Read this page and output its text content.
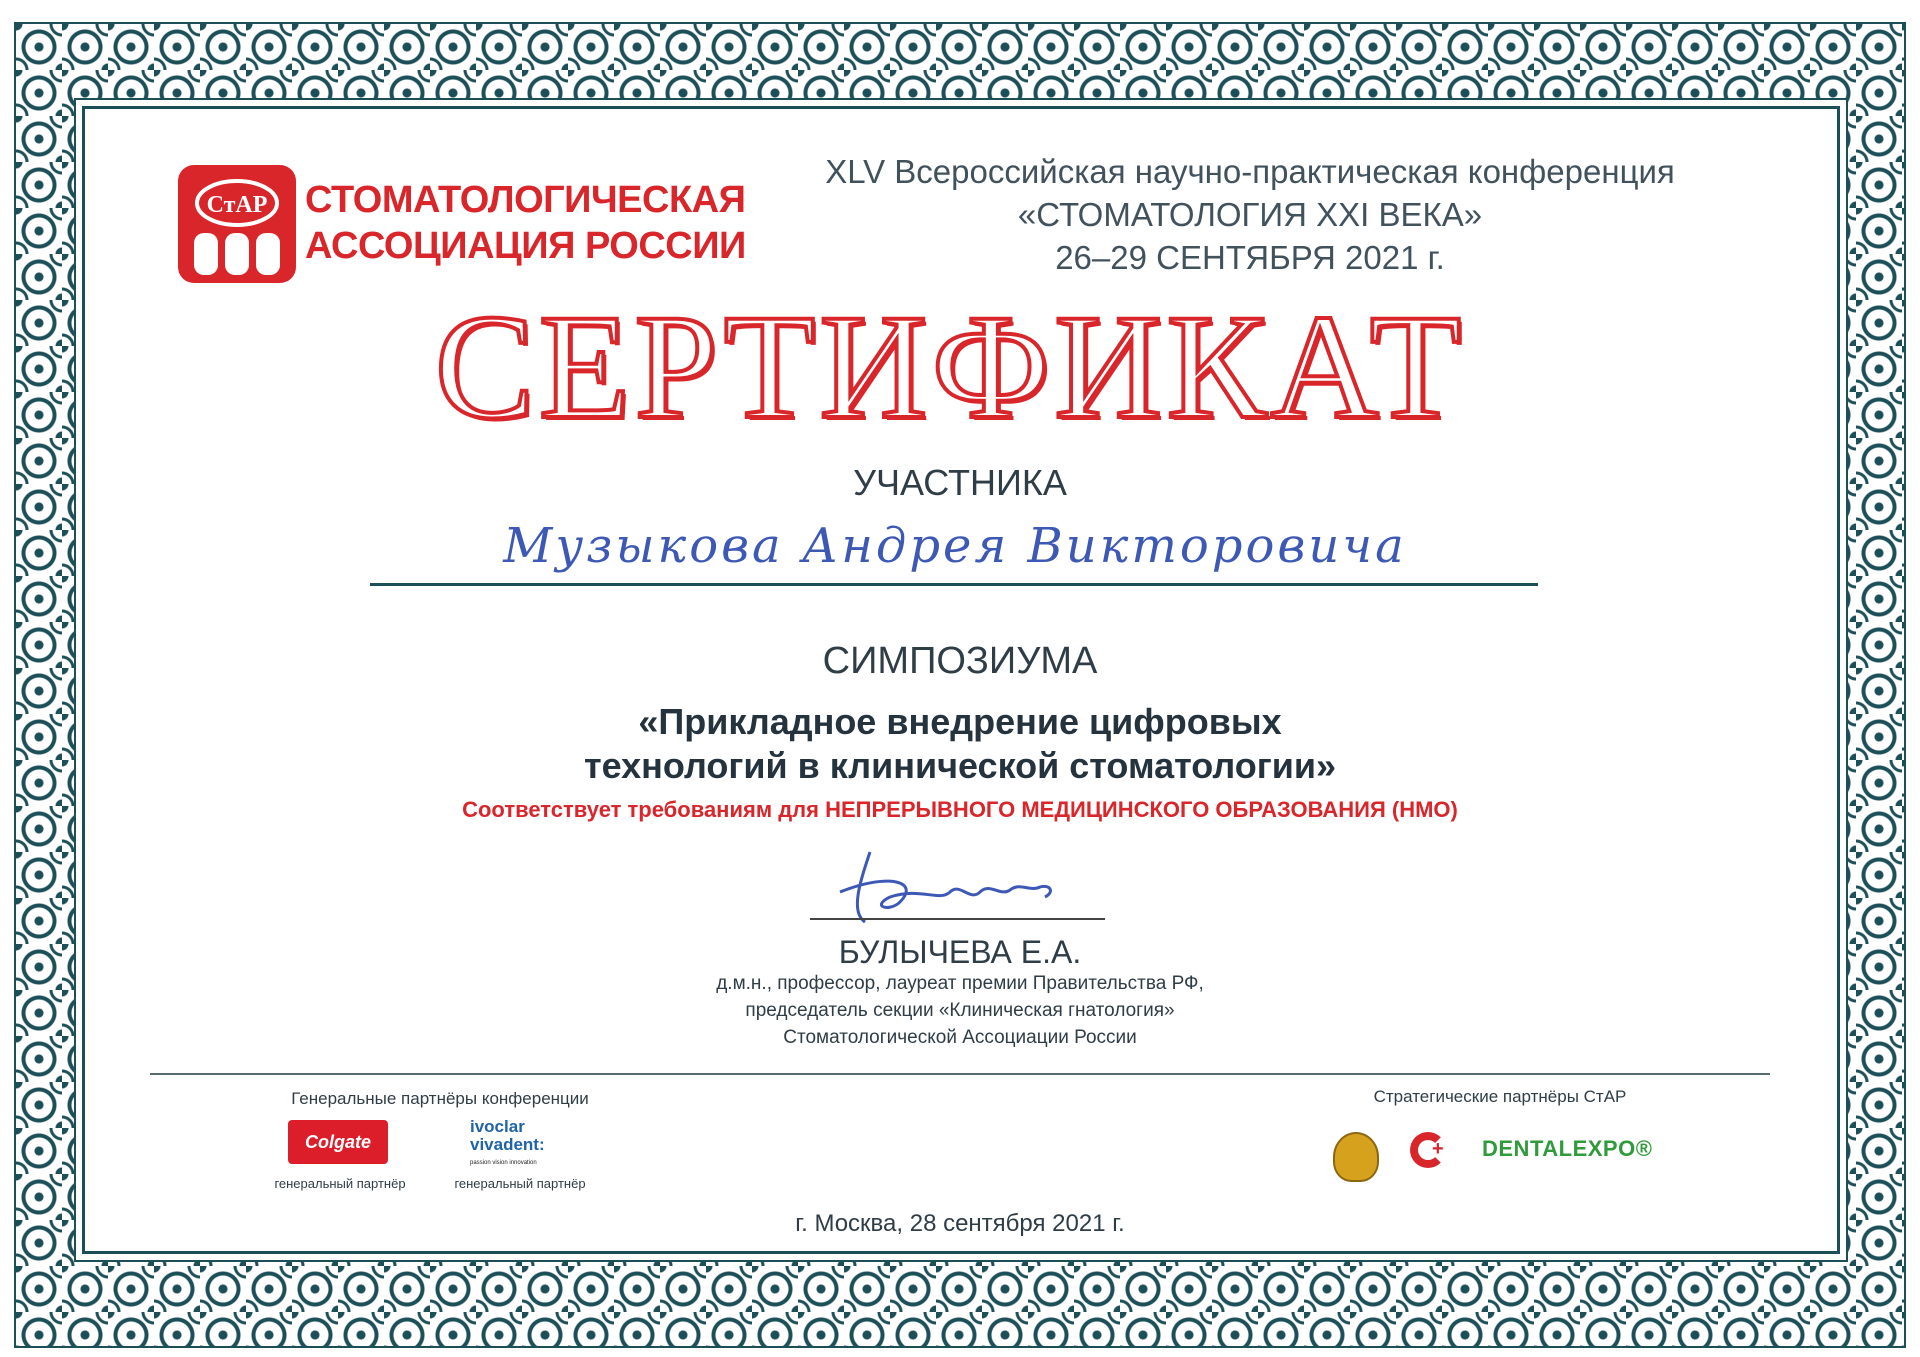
СтАР СТОМАТОЛОГИЧЕСКАЯ
АССОЦИАЦИЯ РОССИИ
XLV Всероссийская научно-практическая конференция
«СТОМАТОЛОГИЯ XXI ВЕКА»
26–29 СЕНТЯБРЯ 2021 г.
СЕРТИФИКАТ
УЧАСТНИКА
Музыкова Андрея Викторовича
СИМПОЗИУМА
«Прикладное внедрение цифровых
технологий в клинической стоматологии»
Соответствует требованиям для НЕПРЕРЫВНОГО МЕДИЦИНСКОГО ОБРАЗОВАНИЯ (НМО)
БУЛЫЧЕВА Е.А.
д.м.н., профессор, лауреат премии Правительства РФ,
председатель секции «Клиническая гнатология»
Стоматологической Ассоциации России
Генеральные партнёры конференции
Colgate
ivoclar
vivadent:
passion vision innovation
генеральный партнёр	генеральный партнёр
Стратегические партнёры СтАР
+ DENTALEXPO®
г. Москва, 28 сентября 2021 г.
